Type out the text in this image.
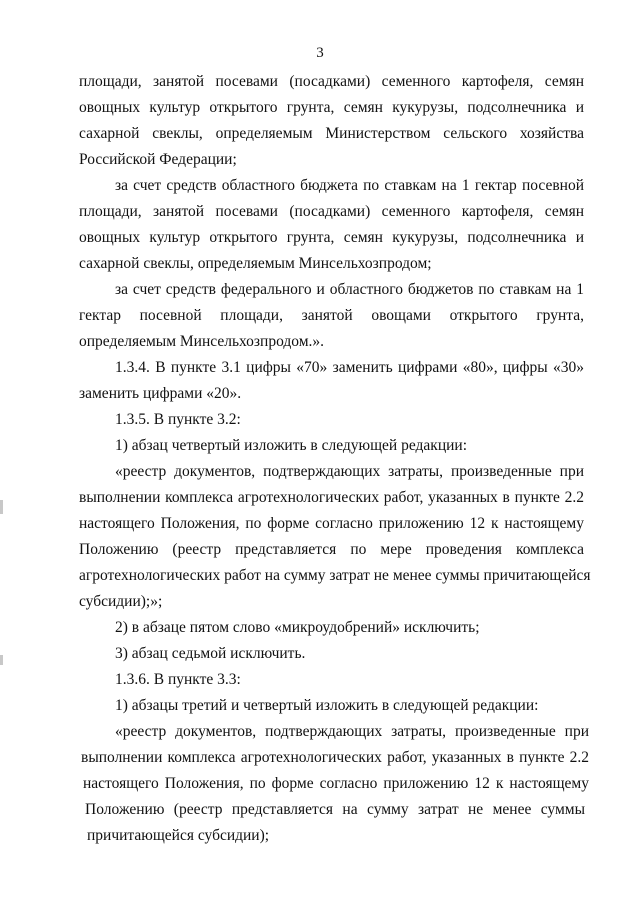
3
площади, занятой посевами (посадками) семенного картофеля, семян
овощных культур открытого грунта, семян кукурузы, подсолнечника и
сахарной свеклы, определяемым Министерством сельского хозяйства
Российской Федерации;
за счет средств областного бюджета по ставкам на 1 гектар посевной
площади, занятой посевами (посадками) семенного картофеля, семян
овощных культур открытого грунта, семян кукурузы, подсолнечника и
сахарной свеклы, определяемым Минсельхозпродом;
за счет средств федерального и областного бюджетов по ставкам на 1
гектар посевной площади, занятой овощами открытого грунта,
определяемым Минсельхозпродом.».
1.3.4. В пункте 3.1 цифры «70» заменить цифрами «80», цифры «30»
заменить цифрами «20».
1.3.5. В пункте 3.2:
1) абзац четвертый изложить в следующей редакции:
«реестр документов, подтверждающих затраты, произведенные при
выполнении комплекса агротехнологических работ, указанных в пункте 2.2
настоящего Положения, по форме согласно приложению 12 к настоящему
Положению (реестр представляется по мере проведения комплекса
агротехнологических работ на сумму затрат не менее суммы причитающейся
субсидии);»;
2) в абзаце пятом слово «микроудобрений» исключить;
3) абзац седьмой исключить.
1.3.6. В пункте 3.3:
1) абзацы третий и четвертый изложить в следующей редакции:
«реестр документов, подтверждающих затраты, произведенные при
выполнении комплекса агротехнологических работ, указанных в пункте 2.2
настоящего Положения, по форме согласно приложению 12 к настоящему
Положению (реестр представляется на сумму затрат не менее суммы
причитающейся субсидии);
